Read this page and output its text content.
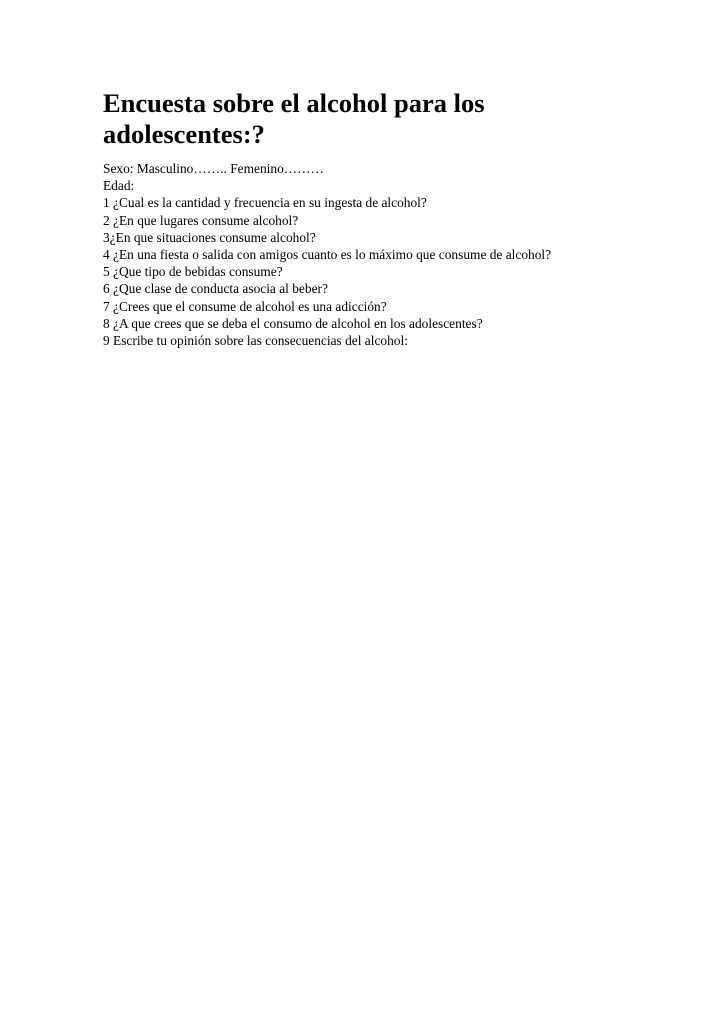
Encuesta sobre el alcohol para los
adolescentes:?
Sexo: Masculino…….. Femenino………
Edad:
1 ¿Cual es la cantidad y frecuencia en su ingesta de alcohol?
2 ¿En que lugares consume alcohol?
3¿En que situaciones consume alcohol?
4 ¿En una fiesta o salida con amigos cuanto es lo máximo que consume de alcohol?
5 ¿Que tipo de bebidas consume?
6 ¿Que clase de conducta asocia al beber?
7 ¿Crees que el consume de alcohol es una adicción?
8 ¿A que crees que se deba el consumo de alcohol en los adolescentes?
9 Escribe tu opinión sobre las consecuencias del alcohol:
